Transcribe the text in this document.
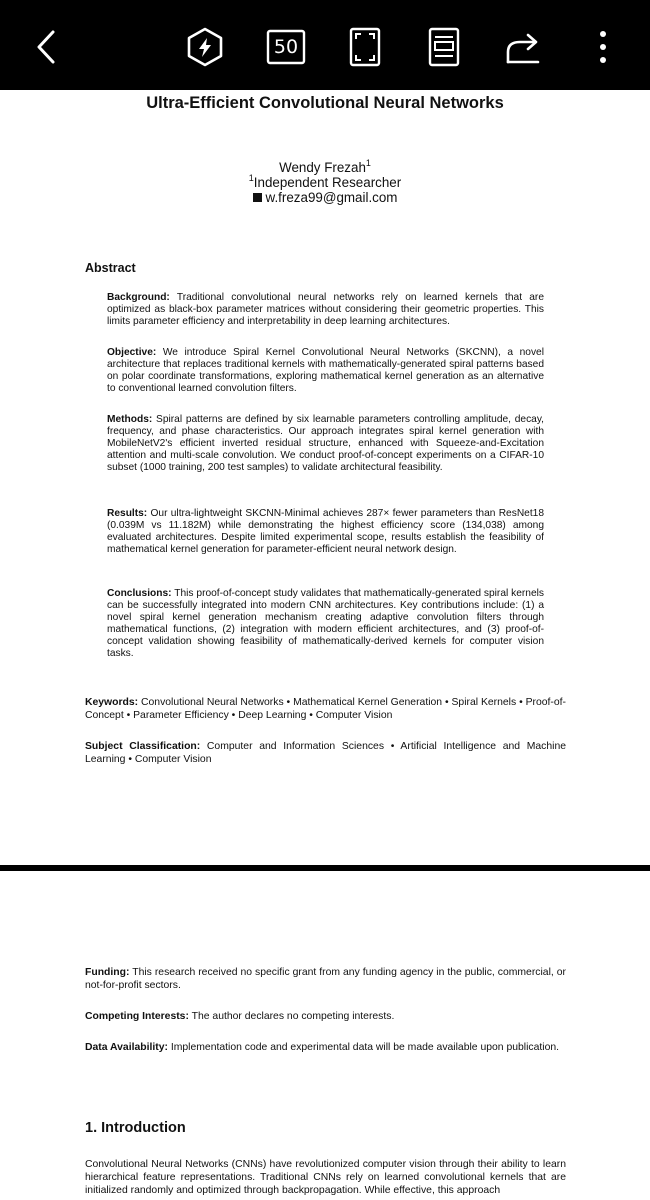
50
Ultra-Efficient Convolutional Neural Networks
Wendy Frezah$^1$
$^1$Independent Researcher
w.freza99@gmail.com
Abstract
Background: Traditional convolutional neural networks rely on learned kernels that are optimized as black-box parameter matrices without considering their geometric properties. This limits parameter efficiency and interpretability in deep learning architectures.
Objective: We introduce Spiral Kernel Convolutional Neural Networks (SKCNN), a novel architecture that replaces traditional kernels with mathematically-generated spiral patterns based on polar coordinate transformations, exploring mathematical kernel generation as an alternative to conventional learned convolution filters.
Methods: Spiral patterns are defined by six learnable parameters controlling amplitude, decay, frequency, and phase characteristics. Our approach integrates spiral kernel generation with MobileNetV2's efficient inverted residual structure, enhanced with Squeeze-and-Excitation attention and multi-scale convolution. We conduct proof-of-concept experiments on a CIFAR-10 subset (1000 training, 200 test samples) to validate architectural feasibility.
Results: Our ultra-lightweight SKCNN-Minimal achieves 287× fewer parameters than ResNet18 (0.039M vs 11.182M) while demonstrating the highest efficiency score (134,038) among evaluated architectures. Despite limited experimental scope, results establish the feasibility of mathematical kernel generation for parameter-efficient neural network design.
Conclusions: This proof-of-concept study validates that mathematically-generated spiral kernels can be successfully integrated into modern CNN architectures. Key contributions include: (1) a novel spiral kernel generation mechanism creating adaptive convolution filters through mathematical functions, (2) integration with modern efficient architectures, and (3) proof-of-concept validation showing feasibility of mathematically-derived kernels for computer vision tasks.
Keywords: Convolutional Neural Networks • Mathematical Kernel Generation • Spiral Kernels • Proof-of-Concept • Parameter Efficiency • Deep Learning • Computer Vision
Subject Classification: Computer and Information Sciences • Artificial Intelligence and Machine Learning • Computer Vision
Funding: This research received no specific grant from any funding agency in the public, commercial, or not-for-profit sectors.
Competing Interests: The author declares no competing interests.
Data Availability: Implementation code and experimental data will be made available upon publication.
Convolutional Neural Networks (CNNs) have revolutionized computer vision through their ability to learn hierarchical feature representations. Traditional CNNs rely on learned convolutional kernels that are initialized randomly and optimized through backpropagation. While effective, this approach
1. Introduction
